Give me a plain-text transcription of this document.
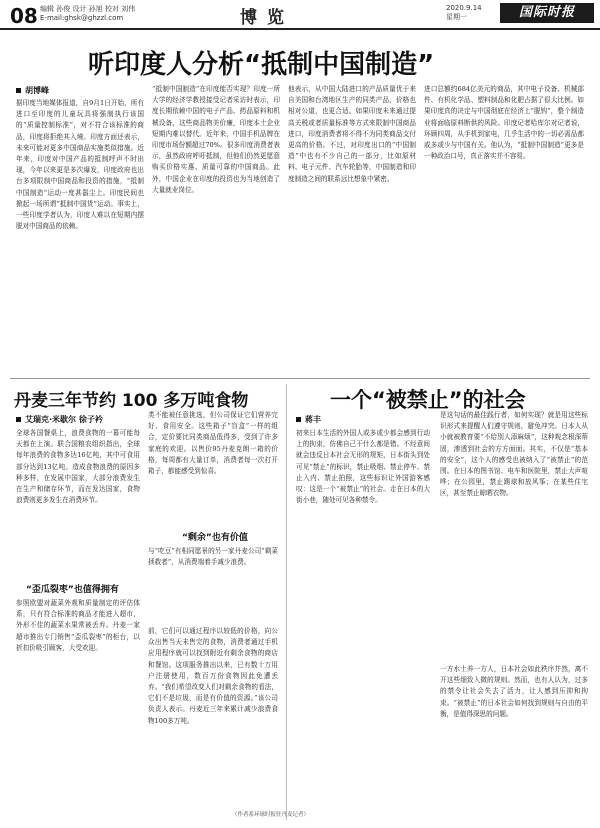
08 编辑 孙俊 设计 孙旭 校对 刘伟
E-mail:ghsk@ghzzl.com	博览	2020.9.14
星期一	国际时报
听印度人分析“抵制中国制造”
胡博峰
据印度当地媒体报道，自9月1日开始，所有进口至印度的儿童玩具将强制执行该国的“质量控制标准”，对不符合该标准的商品，印度将拒绝其入境。印度方面还表示，未来可能对更多中国商品实施类似措施。近年来，印度对中国产品的抵制呼声不时出现，今年以来更是多次爆发，印度政府也出台多项限制中国商品和投资的措施，“抵制中国制造”运动一度甚嚣尘上。印度民间也掀起一场所谓“抵制中国货”运动。事实上，一些印度学者认为，印度人难以在短期内摆脱对中国商品的依赖。
“抵制中国制造”在印度能否实现？印度一所大学的经济学教授接受记者采访时表示，印度长期依赖中国的电子产品、药品原料和机械设备，这些商品物美价廉，印度本土企业短期内难以替代。近年来，中国手机品牌在印度市场份额超过70%。很多印度消费者表示，虽然政府呼吁抵制，但他们仍然更愿意购买价格实惠、质量可靠的中国商品。此外，中国企业在印度的投资也为当地创造了大量就业岗位。
他表示，从中国大陆进口的产品质量优于来自美国和台湾地区生产的同类产品，价格也相对公道，也更合适。如果印度未来通过提高关税或者质量标准等方式来限制中国商品进口，印度消费者将不得不为同类商品支付更高的价格。不过，对印度出口的“中国制造”中也有不少自己的一部分，比如原材料、电子元件、汽车轮胎等，中国制造和印度制造之间的联系远比想象中紧密。
进口总额约684亿美元的商品，其中电子设备、机械部件、有机化学品、塑料制品和化肥占据了很大比例。如果印度真的决定与中国彻底在经济上“脱钩”，整个制造业将面临原料断供的风险。印度记者哈库尔对记者说，环顾四周，从手机到家电，几乎生活中的一切必需品都或多或少与中国有关。他认为，“抵制中国制造”更多是一种政治口号，真正落实并不容易。
丹麦三年节约 100 多万吨食物
艾瑞克·米歇尔 徐子衿
全球各国餐桌上，浪费食物的一幕可能每天都在上演。联合国粮农组织指出，全球每年浪费的食物多达16亿吨，其中可食用部分达到13亿吨。造成食物浪费的原因多种多样，在发展中国家，大部分浪费发生在生产和储存环节，而在发达国家，食物浪费则更多发生在消费环节。
“歪瓜裂枣”也值得拥有
参照欧盟对蔬菜外观和质量制定的评估体系，只有符合标准的商品才能进入超市，外形不佳的蔬菜水果常被丢弃。丹麦一家超市推出专门销售“歪瓜裂枣”的柜台，以折扣价吸引顾客，大受欢迎。
类不能被任意挑选，但公司保证它们营养完好、食用安全。这些箱子“盲盒”一样的组合，定价要比同类商品低得多，受到了许多家庭的欢迎。以售价95丹麦克朗一箱的价格，每周都有大量订单，消费者每一次打开箱子，都能感受到惊喜。
“剩余”也有价值
与“吃豆”有相同愿景的另一家丹麦公司“剩菜拯救者”，从消费端着手减少浪费。
前，它们可以通过程序以较低的价格，向公众出售当天未售完的食物，消费者通过手机应用程序就可以找到附近有剩余食物的商店和餐馆。这项服务推出以来，已有数十万用户注册使用，数百万份食物因此免遭丢弃。“我们希望改变人们对剩余食物的看法，它们不是垃圾，而是有价值的资源。”该公司负责人表示。丹麦近三年来累计减少浪费食物100多万吨。
（作者系环球时报驻丹麦记者）
一个“被禁止”的社会
蒋丰
初来日本生活的外国人或多或少都会感到行动上的拘束，仿佛自己干什么都是错。不经意间就会违反日本社会无形的规矩，日本街头到处可见“禁止”的标识，禁止吸烟、禁止停车、禁止入内、禁止拍照，这些标识让外国游客感叹：这是一个“被禁止”的社会。走在日本的大街小巷，随处可见各种禁令。
是这句话的最佳践行者，如何实现？就是用这些标识形式来提醒人们遵守规则，避免冲突。日本人从小就被教育要“不给别人添麻烦”，这种观念根深蒂固，渗透到社会的方方面面。其实，不仅是“基本的安全”，这个人的感受也被纳入了“被禁止”的范围。在日本的图书馆、电车和医院里，禁止大声喧哗；在公园里，禁止踢球和放风筝；在某些住宅区，甚至禁止晾晒衣物。
一方水土养一方人，日本社会如此秩序井然，离不开这些细致入微的规则。然而，也有人认为，过多的禁令让社会失去了活力，让人感到压抑和拘束。“被禁止”的日本社会如何找到规则与自由的平衡，是值得深思的问题。
